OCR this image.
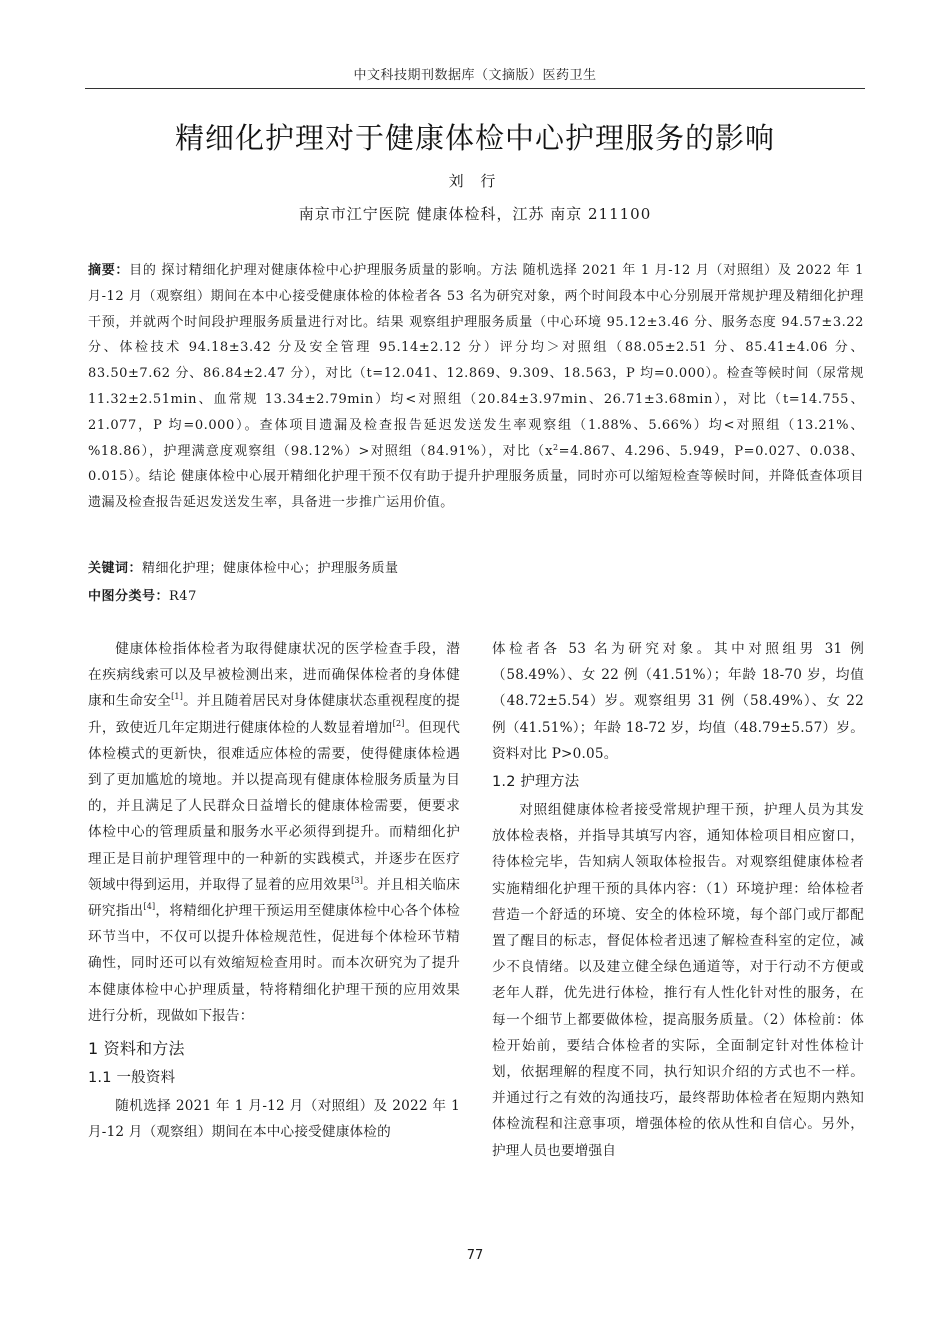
中文科技期刊数据库（文摘版）医药卫生
精细化护理对于健康体检中心护理服务的影响
刘 行
南京市江宁医院 健康体检科，江苏 南京 211100
摘要：目的 探讨精细化护理对健康体检中心护理服务质量的影响。方法 随机选择 2021 年 1 月-12 月（对照组）及 2022 年 1 月-12 月（观察组）期间在本中心接受健康体检的体检者各 53 名为研究对象，两个时间段本中心分别展开常规护理及精细化护理干预，并就两个时间段护理服务质量进行对比。结果 观察组护理服务质量（中心环境 95.12±3.46 分、服务态度 94.57±3.22 分、体检技术 94.18±3.42 分及安全管理 95.14±2.12 分）评分均＞对照组（88.05±2.51 分、85.41±4.06 分、83.50±7.62 分、86.84±2.47 分），对比（t=12.041、12.869、9.309、18.563，P 均=0.000）。检查等候时间（尿常规 11.32±2.51min、血常规 13.34±2.79min）均<对照组（20.84±3.97min、26.71±3.68min），对比（t=14.755、21.077，P 均=0.000）。查体项目遗漏及检查报告延迟发送发生率观察组（1.88%、5.66%）均<对照组（13.21%、%18.86），护理满意度观察组（98.12%）>对照组（84.91%），对比（$x^2=4.867$、4.296、5.949，P=0.027、0.038、0.015）。结论 健康体检中心展开精细化护理干预不仅有助于提升护理服务质量，同时亦可以缩短检查等候时间，并降低查体项目遗漏及检查报告延迟发送发生率，具备进一步推广运用价值。
关键词：精细化护理；健康体检中心；护理服务质量
中图分类号：R47

健康体检指体检者为取得健康状况的医学检查手段，潜在疾病线索可以及早被检测出来，进而确保体检者的身体健康和生命安全[1]。并且随着居民对身体健康状态重视程度的提升，致使近几年定期进行健康体检的人数显着增加[2]。但现代体检模式的更新快，很难适应体检的需要，使得健康体检遇到了更加尴尬的境地。并以提高现有健康体检服务质量为目的，并且满足了人民群众日益增长的健康体检需要，便要求体检中心的管理质量和服务水平必须得到提升。而精细化护理正是目前护理管理中的一种新的实践模式，并逐步在医疗领域中得到运用，并取得了显着的应用效果[3]。并且相关临床研究指出[4]，将精细化护理干预运用至健康体检中心各个体检环节当中，不仅可以提升体检规范性，促进每个体检环节精确性，同时还可以有效缩短检查用时。而本次研究为了提升本健康体检中心护理质量，特将精细化护理干预的应用效果进行分析，现做如下报告：

1 资料和方法
1.1 一般资料

随机选择 2021 年 1 月-12 月（对照组）及 2022 年 1 月-12 月（观察组）期间在本中心接受健康体检的

体检者各 53 名为研究对象。其中对照组男 31 例（58.49%）、女 22 例（41.51%）；年龄 18-70 岁，均值（48.72±5.54）岁。观察组男 31 例（58.49%）、女 22 例（41.51%）；年龄 18-72 岁，均值（48.79±5.57）岁。资料对比 P>0.05。

1.2 护理方法

对照组健康体检者接受常规护理干预，护理人员为其发放体检表格，并指导其填写内容，通知体检项目相应窗口，待体检完毕，告知病人领取体检报告。对观察组健康体检者实施精细化护理干预的具体内容：（1）环境护理：给体检者营造一个舒适的环境、安全的体检环境，每个部门或厅都配置了醒目的标志，督促体检者迅速了解检查科室的定位，减少不良情绪。以及建立健全绿色通道等，对于行动不方便或老年人群，优先进行体检，推行有人性化针对性的服务，在每一个细节上都要做体检，提高服务质量。（2）体检前：体检开始前，要结合体检者的实际，全面制定针对性体检计划，依据理解的程度不同，执行知识介绍的方式也不一样。并通过行之有效的沟通技巧，最终帮助体检者在短期内熟知体检流程和注意事项，增强体检的依从性和自信心。另外，护理人员也要增强自

77
